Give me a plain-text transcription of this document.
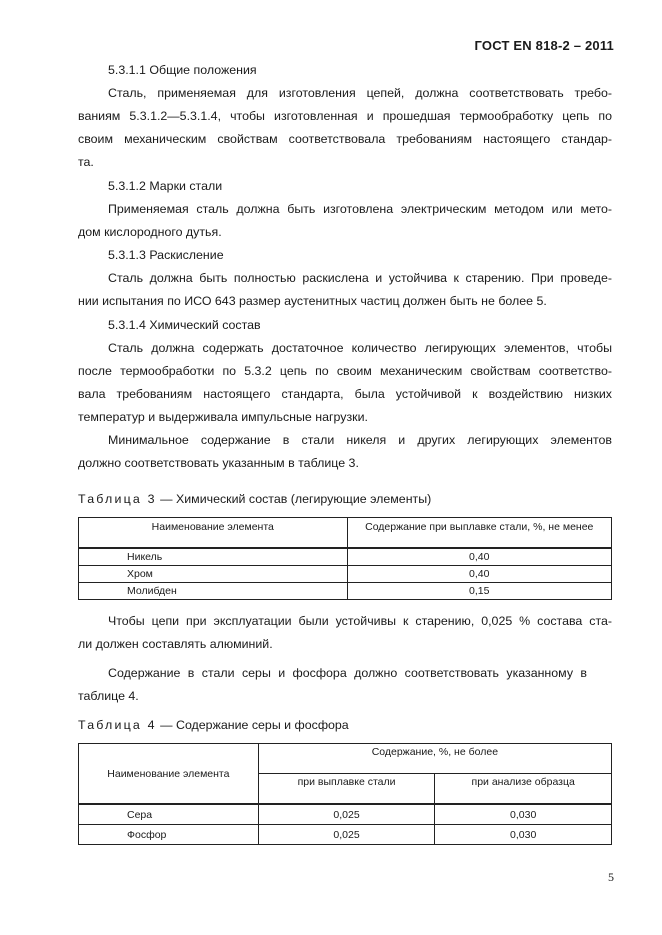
ГОСТ EN 818-2 – 2011
5.3.1.1 Общие положения
Сталь, применяемая для изготовления цепей, должна соответствовать требо-
ваниям 5.3.1.2—5.3.1.4, чтобы изготовленная и прошедшая термообработку цепь по
своим механическим свойствам соответствовала требованиям настоящего стандар-
та.
5.3.1.2 Марки стали
Применяемая сталь должна быть изготовлена электрическим методом или мето-
дом кислородного дутья.
5.3.1.3 Раскисление
Сталь должна быть полностью раскислена и устойчива к старению. При проведе-
нии испытания по ИСО 643 размер аустенитных частиц должен быть не более 5.
5.3.1.4 Химический состав
Сталь должна содержать достаточное количество легирующих элементов, чтобы
после термообработки по 5.3.2 цепь по своим механическим свойствам соответство-
вала требованиям настоящего стандарта, была устойчивой к воздействию низких
температур и выдерживала импульсные нагрузки.
Минимальное содержание в стали никеля и других легирующих элементов
должно соответствовать указанным в таблице 3.
Таблица 3 — Химический состав (легирующие элементы)
Наименование элемента	Содержание при выплавке стали, %, не менее
Никель	0,40
Хром	0,40
Молибден	0,15
Чтобы цепи при эксплуатации были устойчивы к старению, 0,025 % состава ста-
ли должен составлять алюминий.
Содержание в стали серы и фосфора должно соответствовать указанному в
таблице 4.
Таблица 4 — Содержание серы и фосфора
Наименование элемента	Содержание, %, не более	
	при выплавке стали	при анализе образца
Сера	0,025	0,030
Фосфор	0,025	0,030
5
